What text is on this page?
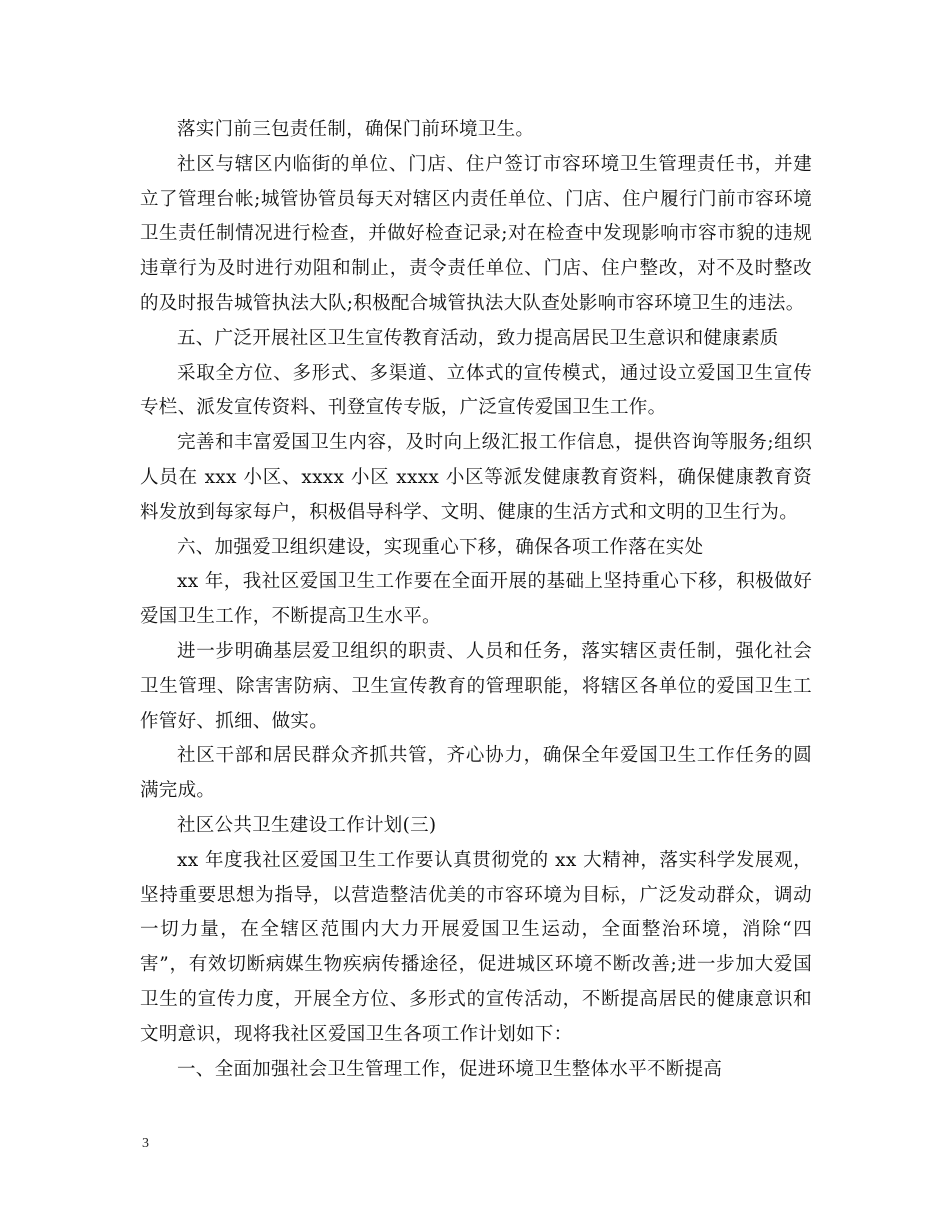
落实门前三包责任制，确保门前环境卫生。

社区与辖区内临街的单位、门店、住户签订市容环境卫生管理责任书，并建立了管理台帐;城管协管员每天对辖区内责任单位、门店、住户履行门前市容环境卫生责任制情况进行检查，并做好检查记录;对在检查中发现影响市容市貌的违规违章行为及时进行劝阻和制止，责令责任单位、门店、住户整改，对不及时整改的及时报告城管执法大队;积极配合城管执法大队查处影响市容环境卫生的违法。

五、广泛开展社区卫生宣传教育活动，致力提高居民卫生意识和健康素质

采取全方位、多形式、多渠道、立体式的宣传模式，通过设立爱国卫生宣传专栏、派发宣传资料、刊登宣传专版，广泛宣传爱国卫生工作。

完善和丰富爱国卫生内容，及时向上级汇报工作信息，提供咨询等服务;组织人员在 xxx 小区、xxxx 小区 xxxx 小区等派发健康教育资料，确保健康教育资料发放到每家每户，积极倡导科学、文明、健康的生活方式和文明的卫生行为。

六、加强爱卫组织建设，实现重心下移，确保各项工作落在实处

xx 年，我社区爱国卫生工作要在全面开展的基础上坚持重心下移，积极做好爱国卫生工作，不断提高卫生水平。

进一步明确基层爱卫组织的职责、人员和任务，落实辖区责任制，强化社会卫生管理、除害害防病、卫生宣传教育的管理职能，将辖区各单位的爱国卫生工作管好、抓细、做实。

社区干部和居民群众齐抓共管，齐心协力，确保全年爱国卫生工作任务的圆满完成。

社区公共卫生建设工作计划(三)

xx 年度我社区爱国卫生工作要认真贯彻党的 xx 大精神，落实科学发展观，坚持重要思想为指导，以营造整洁优美的市容环境为目标，广泛发动群众，调动一切力量，在全辖区范围内大力开展爱国卫生运动，全面整治环境，消除“四害”，有效切断病媒生物疾病传播途径，促进城区环境不断改善;进一步加大爱国卫生的宣传力度，开展全方位、多形式的宣传活动，不断提高居民的健康意识和文明意识，现将我社区爱国卫生各项工作计划如下：

一、全面加强社会卫生管理工作，促进环境卫生整体水平不断提高

3
